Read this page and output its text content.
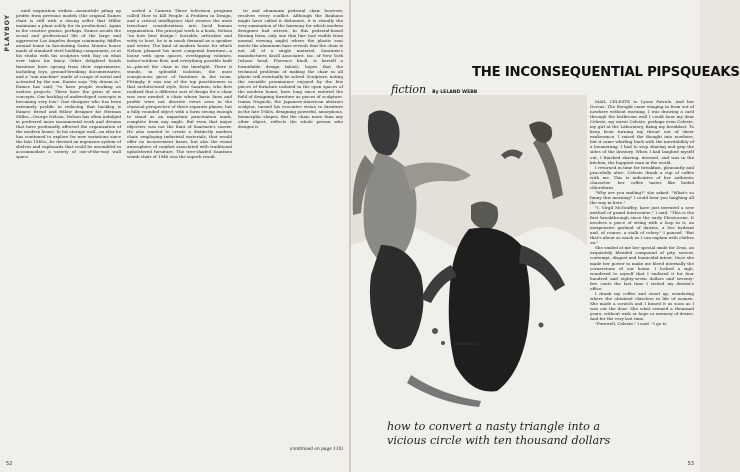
PLAYBOY

until inspiration strikes—meanwhile piling up profits from previous models (the original Eames chair is still with a strong seller that Miller maintains a plant solely for its production). Again in the creative genius, perhaps, Eames avoids the social and professional life of the large and aggressive Los Angeles design community, fiddles around home in fascinating Santa Monica house made of standard steel building components, or at his studio with his sculptors with Ray on what ever takes his fancy. Other delighted heads furniture have sprung from their experiments, including toys, ground-breaking documentaries, and a "sun machine" made of scraps of metal and activated by the sun. Eames says "My dream is," Eames has said, "to have people working on useless projects. These have the germ of new concepts. Our backlog of undeveloped concepts is becoming very low." One designer who has been extremely prolific in reducing that backlog is Eames' friend and fellow designer for Herman Miller—George Nelson. Nelson has often indulged in preferred more monumental work and dreams that have profoundly affected the organization of the modern house. In his storage wall—an idea he has continued to explore for new variations since the late 1940s—he devised an ingenious system of shelves and cupboards that could be assembled in accommodate a variety of out-of-the-way wall space.

sorted a Camera Three television program called How to Kill People: A Problem in Design, and a critical intelligence that weaves the most trenchant considerations into lucid human organization. His principal work is a book, Nelson "on how best design." Sociable, articulate and witty to boot, he is in much demand as a speaker and writer. The kind of modern house for which Nelson planned his most congenial furniture—a house with open spaces, overlapping volumes, indoor-outdoor flow, and everything possible built in—placed the chair in the limelight. There it stands, in splendid isolation, the most conspicuous piece of furniture in the room. Fittingly, it was one of the top practitioners in that architectural style, Eero Saarinen, who first realized that a different sort of design for a chair was now needed: a chair whose basic lines and profile were not discrete views seen in the classical perspective of three separate planes, but a fully rounded object with a form strong enough to stand as an important punctuation mark, complete from any angle. But even that major objective was not the limit of Saarinen's career. He also wanted to create a distinctly modern chair, employing industrial materials, that would offer no inconvenient bases, but also the visual atmosphere of comfort associated with traditional upholstered furniture. The tree-shaded Saarinen womb chair of 1946 was the superb result.

tic and aluminum pedestal chair, however, resolves every conflict. Although the Bauhaus might have called it dishonest, it is visually the very summation of the harmony for which modern designers had striven. In this pedestal-based flowing form, only one thin line (not visible from normal viewing angle) where the plastic seat meets the aluminum base reveals that the chair is not all of a single material. Saarinen's manufacturer, Knoll Associates, Inc. of New York (whose head, Florence Knoll, is herself a formidable design talent), hopes that the technical problems of making the chair in all plastic will eventually be solved. Sculpture, noting the enviable prominence enjoyed by the few pieces of furniture isolated in the open spaces of the modern home, have long since entered the field of designing furniture as pieces of sculpture. Isamu Noguchi, the Japanese-American abstract sculptor, turned his evocative vision to furniture in the late 1940s, designing powerful, amorphous, biomorphic shapes. But the chair, more than any other object, reflects the whole person who designs it.

(continued on page 110)
52
THE INCONSEQUENTIAL PIPSQUEAKS
fiction By LELAND WEBB
CONSTANCE

MAIL CELESTE to Lyons Patrick. And her Dorcas. The thought came winging in from out of nowhere without warning. I was drawing a card through the bathroom wall I could hear my dear Celeste, my sweet Celeste, perhaps even Celeste, my girl at the Laboratory, fixing my breakfast. To keep from turning my throat out of sheer exuberance, I raised the thought into nowhere, but it came whirling back with the inevitability of a boomerang. I had to stop shaving and grip the sides of the lavatory. When I had laughed myself out, I finished shaving, dressed, and was in the kitchen, the happiest man in the world.

I returned in time for breakfast, pleasantly and peacefully alive. Celeste drank a cup of coffee with me. This is indicative of her authentic character: her coffee tastes like boiled chloroform.

"Why are you smiling?" she asked. "What's so funny this morning? I could hear you laughing all the way in here."

"I, Virgil McGraffey, have just invented a new method of grand intercourse," I said. "This is the first breakthrough since the early Pleistocene. It involves a piece of string with a loop in it, an inexpensive garland of daisies, a live hydrant and, of course, a stalk of celery." I paused. "But that's about as much as I can explain with clothes on."

She smiled at me her special smile for Zeus, an exquisitely blended compound of pity, sorrow, contempt, disgust and homicidal intent. Once she made her power to make me bleed internally the cornerstone of our home. I locked a sigh, wondered to myself that I endured it for four hundred and eighty-seven dollars and seventy-five cents the last time I visited my dentist's office.

I drank my coffee and stood up, wondering where the obtained chiselers in life of women. She made a scratch and I kissed it as soon as I was out the door. She what seemed a thousand years, without wish or hope or memory of desire. And for the very last time.

"Farewell, Celeste," I said. "I go to

how to convert a nasty triangle into a
vicious circle with ten thousand dollars
53
